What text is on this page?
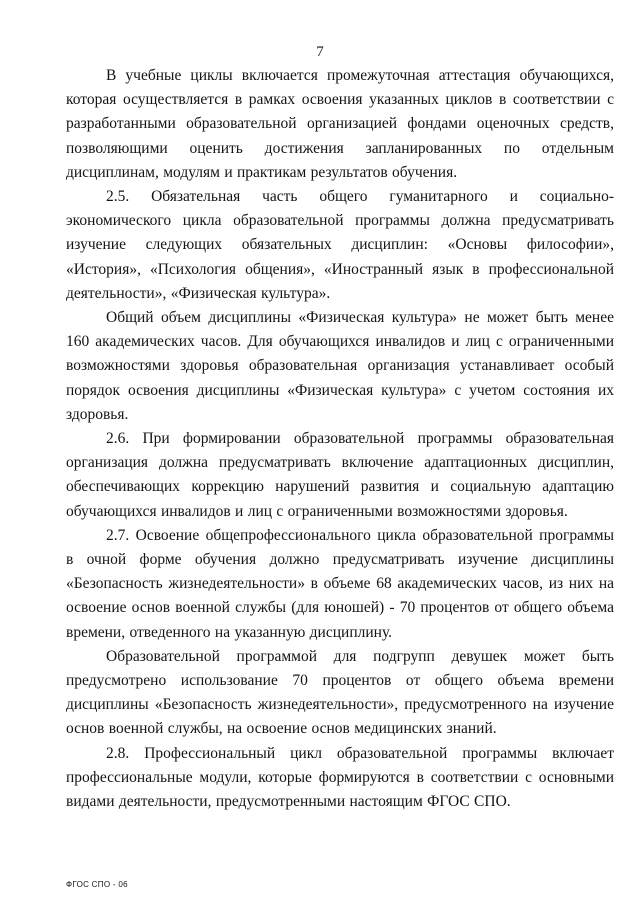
7

В учебные циклы включается промежуточная аттестация обучающихся, которая осуществляется в рамках освоения указанных циклов в соответствии с разработанными образовательной организацией фондами оценочных средств, позволяющими оценить достижения запланированных по отдельным дисциплинам, модулям и практикам результатов обучения.

2.5. Обязательная часть общего гуманитарного и социально-экономического цикла образовательной программы должна предусматривать изучение следующих обязательных дисциплин: «Основы философии», «История», «Психология общения», «Иностранный язык в профессиональной деятельности», «Физическая культура».

Общий объем дисциплины «Физическая культура» не может быть менее 160 академических часов. Для обучающихся инвалидов и лиц с ограниченными возможностями здоровья образовательная организация устанавливает особый порядок освоения дисциплины «Физическая культура» с учетом состояния их здоровья.

2.6. При формировании образовательной программы образовательная организация должна предусматривать включение адаптационных дисциплин, обеспечивающих коррекцию нарушений развития и социальную адаптацию обучающихся инвалидов и лиц с ограниченными возможностями здоровья.

2.7. Освоение общепрофессионального цикла образовательной программы в очной форме обучения должно предусматривать изучение дисциплины «Безопасность жизнедеятельности» в объеме 68 академических часов, из них на освоение основ военной службы (для юношей) - 70 процентов от общего объема времени, отведенного на указанную дисциплину.

Образовательной программой для подгрупп девушек может быть предусмотрено использование 70 процентов от общего объема времени дисциплины «Безопасность жизнедеятельности», предусмотренного на изучение основ военной службы, на освоение основ медицинских знаний.

2.8. Профессиональный цикл образовательной программы включает профессиональные модули, которые формируются в соответствии с основными видами деятельности, предусмотренными настоящим ФГОС СПО.

ФГОС СПО - 06
